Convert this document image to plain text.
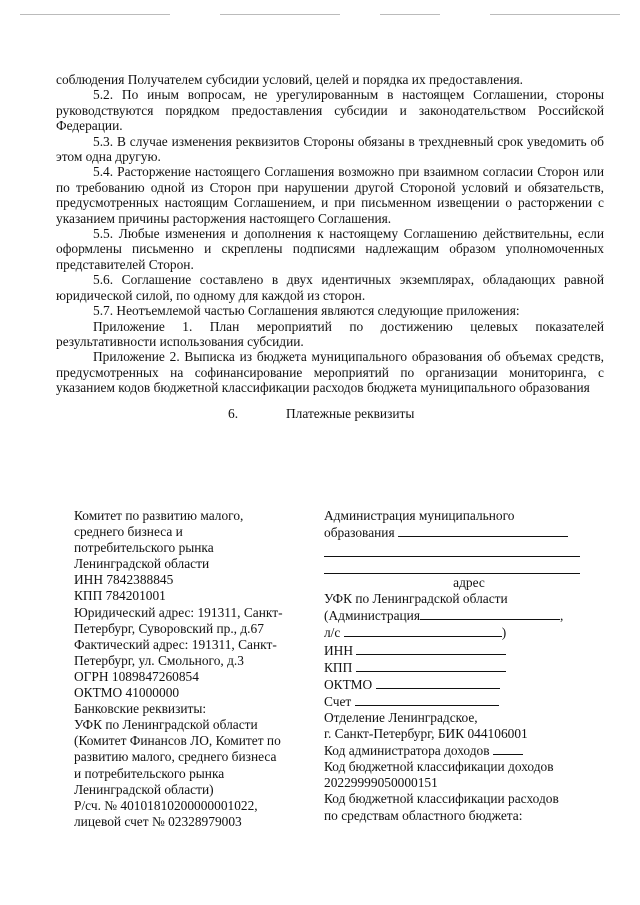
соблюдения Получателем субсидии условий, целей и порядка их предоставления.

5.2. По иным вопросам, не урегулированным в настоящем Соглашении, стороны руководствуются порядком предоставления субсидии и законодательством Российской Федерации.

5.3. В случае изменения реквизитов Стороны обязаны в трехдневный срок уведомить об этом одна другую.

5.4. Расторжение настоящего Соглашения возможно при взаимном согласии Сторон или по требованию одной из Сторон при нарушении другой Стороной условий и обязательств, предусмотренных настоящим Соглашением, и при письменном извещении о расторжении с указанием причины расторжения настоящего Соглашения.

5.5. Любые изменения и дополнения к настоящему Соглашению действительны, если оформлены письменно и скреплены подписями надлежащим образом уполномоченных представителей Сторон.

5.6. Соглашение составлено в двух идентичных экземплярах, обладающих равной юридической силой, по одному для каждой из сторон.

5.7. Неотъемлемой частью Соглашения являются следующие приложения:

Приложение 1. План мероприятий по достижению целевых показателей результативности использования субсидии.

Приложение 2. Выписка из бюджета муниципального образования об объемах средств, предусмотренных на софинансирование мероприятий по организации мониторинга, с указанием кодов бюджетной классификации расходов бюджета муниципального образования

6.	Платежные реквизиты
Комитет по развитию малого,
среднего бизнеса и
потребительского рынка
Ленинградской области
ИНН 7842388845
КПП 784201001
Юридический адрес: 191311, Санкт-
Петербург, Суворовский пр., д.67
Фактический адрес: 191311, Санкт-
Петербург, ул. Смольного, д.3
ОГРН 1089847260854
ОКТМО 41000000
Банковские реквизиты:
УФК по Ленинградской области
(Комитет Финансов ЛО, Комитет по
развитию малого, среднего бизнеса
и потребительского рынка
Ленинградской области)
Р/сч. № 40101810200000001022,
лицевой счет № 02328979003
Администрация муниципального
образования
адрес
УФК по Ленинградской области
(Администрация	,
л/с	)
ИНН
КПП
ОКТМО
Счет
Отделение Ленинградское,
г. Санкт-Петербург, БИК 044106001
Код администратора доходов
Код бюджетной классификации доходов
20229999050000151
Код бюджетной классификации расходов
по средствам областного бюджета:
